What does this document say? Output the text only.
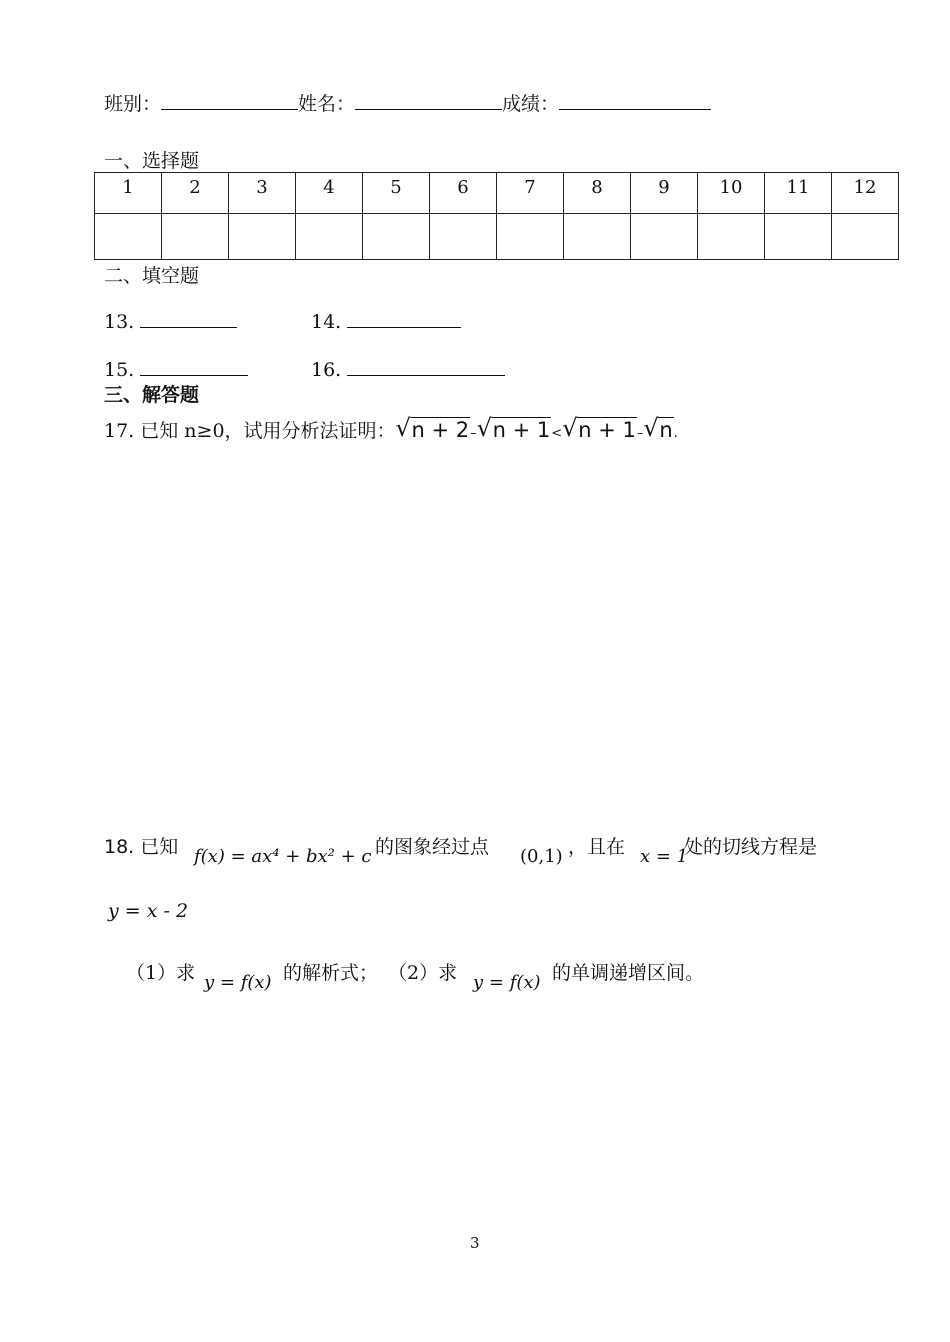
班别：	姓名：	成绩：
一、选择题
1	2	3	4	5	6	7	8	9	10	11	12

二、填空题
13.	14.
15.	16.
三、解答题
17. 已知 n≥0，试用分析法证明： √ n + 2– √ n + 1< √ n + 1– √ n.
18. 已知 f(x) = ax⁴ + bx² + c 的图象经过点 (0,1) ，且在 x = 1
处的切线方程是
y = x - 2
（1）求 y = f(x) 的解析式； （2）求 y = f(x) 的单调递增区间。
3
